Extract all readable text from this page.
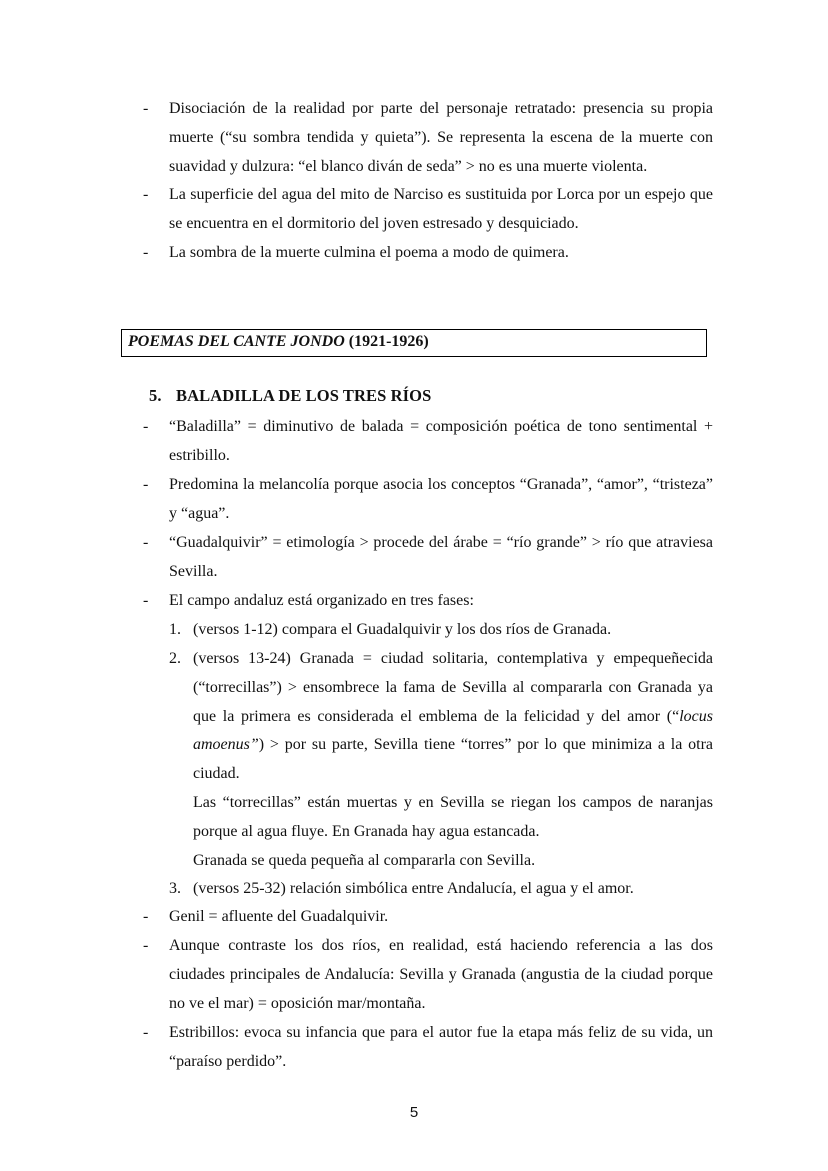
- Disociación de la realidad por parte del personaje retratado: presencia su propia muerte (“su sombra tendida y quieta”). Se representa la escena de la muerte con suavidad y dulzura: “el blanco diván de seda” > no es una muerte violenta.
- La superficie del agua del mito de Narciso es sustituida por Lorca por un espejo que se encuentra en el dormitorio del joven estresado y desquiciado.
- La sombra de la muerte culmina el poema a modo de quimera.
POEMAS DEL CANTE JONDO (1921-1926)
5. BALADILLA DE LOS TRES RÍOS
- “Baladilla” = diminutivo de balada = composición poética de tono sentimental + estribillo.
- Predomina la melancolía porque asocia los conceptos “Granada”, “amor”, “tristeza” y “agua”.
- “Guadalquivir” = etimología > procede del árabe = “río grande” > río que atraviesa Sevilla.
- El campo andaluz está organizado en tres fases:
1. (versos 1-12) compara el Guadalquivir y los dos ríos de Granada.
2. (versos 13-24) Granada = ciudad solitaria, contemplativa y empequeñecida (“torrecillas”) > ensombrece la fama de Sevilla al compararla con Granada ya que la primera es considerada el emblema de la felicidad y del amor (“locus amoenus”) > por su parte, Sevilla tiene “torres” por lo que minimiza a la otra ciudad.
Las “torrecillas” están muertas y en Sevilla se riegan los campos de naranjas porque al agua fluye. En Granada hay agua estancada.
Granada se queda pequeña al compararla con Sevilla.
3. (versos 25-32) relación simbólica entre Andalucía, el agua y el amor.
- Genil = afluente del Guadalquivir.
- Aunque contraste los dos ríos, en realidad, está haciendo referencia a las dos ciudades principales de Andalucía: Sevilla y Granada (angustia de la ciudad porque no ve el mar) = oposición mar/montaña.
- Estribillos: evoca su infancia que para el autor fue la etapa más feliz de su vida, un “paraíso perdido”.
5
